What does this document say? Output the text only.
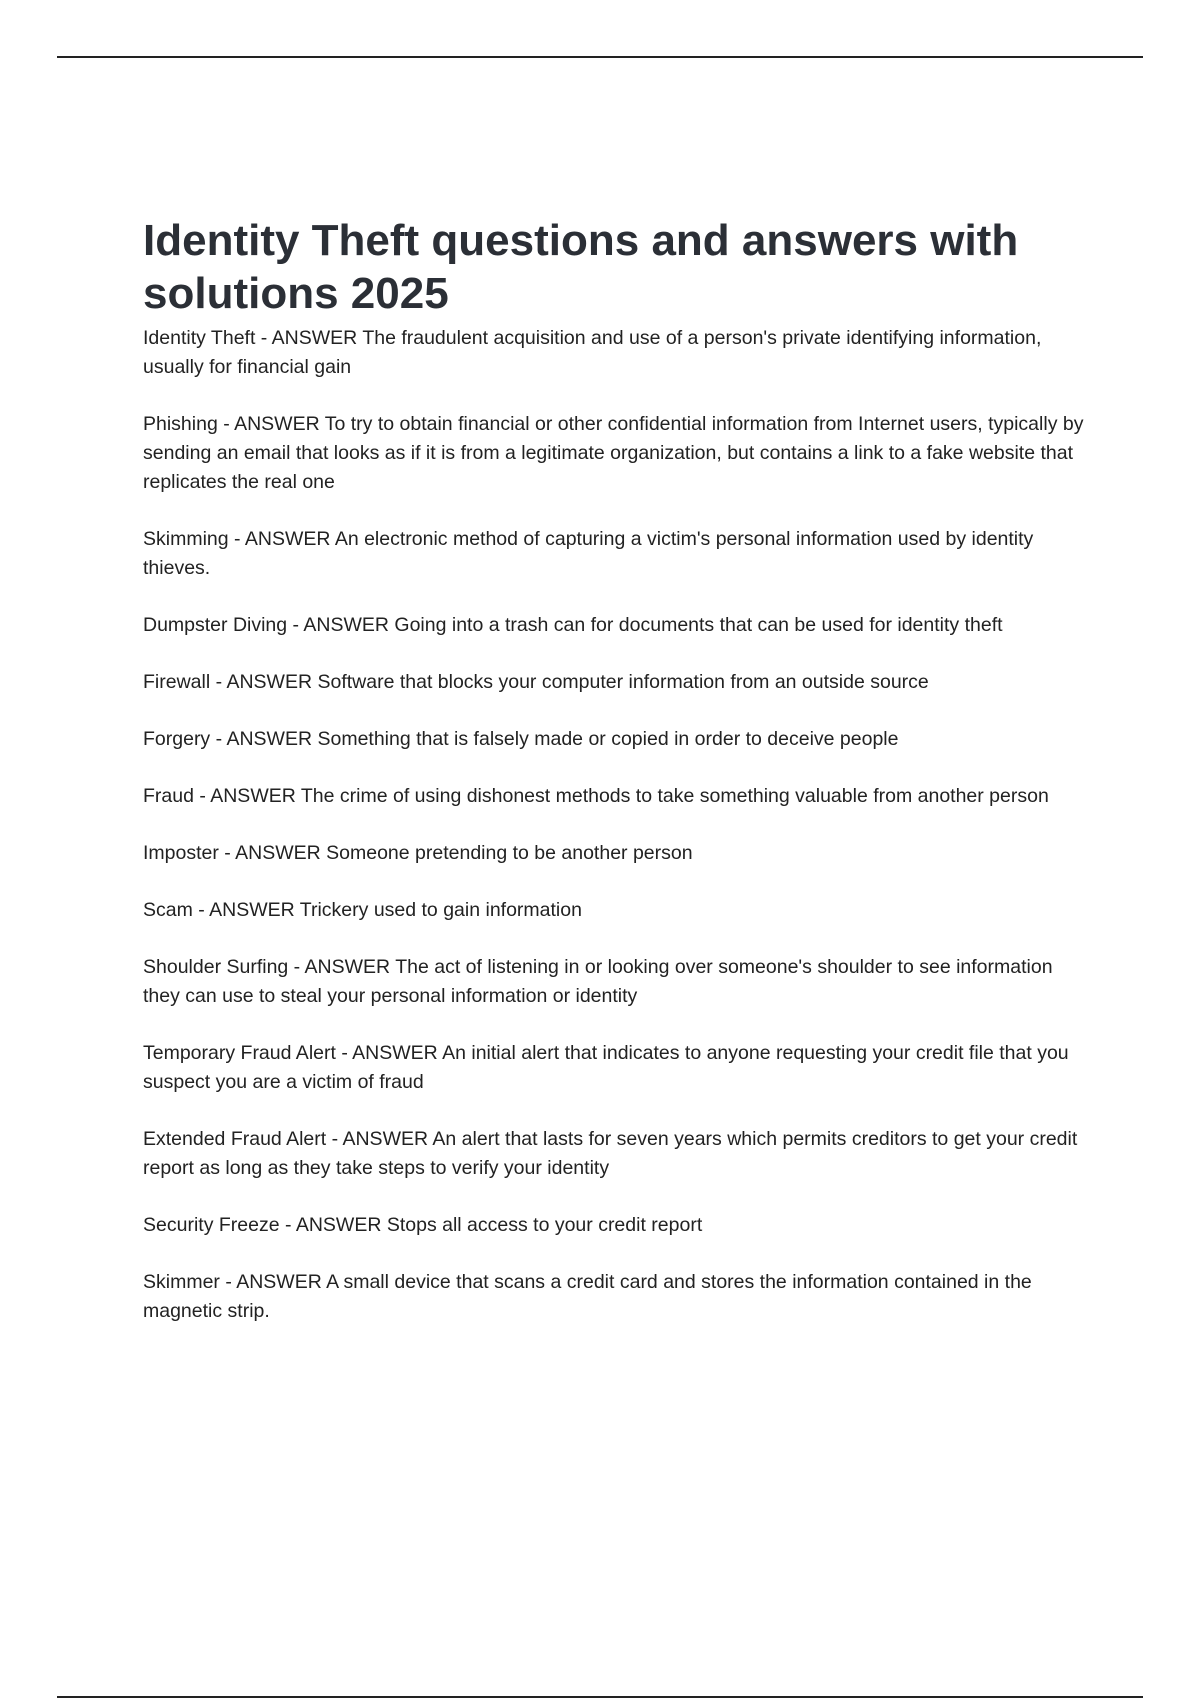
Identity Theft questions and answers with solutions 2025
Identity Theft - ANSWER The fraudulent acquisition and use of a person's private identifying information, usually for financial gain
Phishing - ANSWER To try to obtain financial or other confidential information from Internet users, typically by sending an email that looks as if it is from a legitimate organization, but contains a link to a fake website that replicates the real one
Skimming - ANSWER An electronic method of capturing a victim's personal information used by identity thieves.
Dumpster Diving - ANSWER Going into a trash can for documents that can be used for identity theft
Firewall - ANSWER Software that blocks your computer information from an outside source
Forgery - ANSWER Something that is falsely made or copied in order to deceive people
Fraud - ANSWER The crime of using dishonest methods to take something valuable from another person
Imposter - ANSWER Someone pretending to be another person
Scam - ANSWER Trickery used to gain information
Shoulder Surfing - ANSWER The act of listening in or looking over someone's shoulder to see information they can use to steal your personal information or identity
Temporary Fraud Alert - ANSWER An initial alert that indicates to anyone requesting your credit file that you suspect you are a victim of fraud
Extended Fraud Alert - ANSWER An alert that lasts for seven years which permits creditors to get your credit report as long as they take steps to verify your identity
Security Freeze - ANSWER Stops all access to your credit report
Skimmer - ANSWER A small device that scans a credit card and stores the information contained in the magnetic strip.
